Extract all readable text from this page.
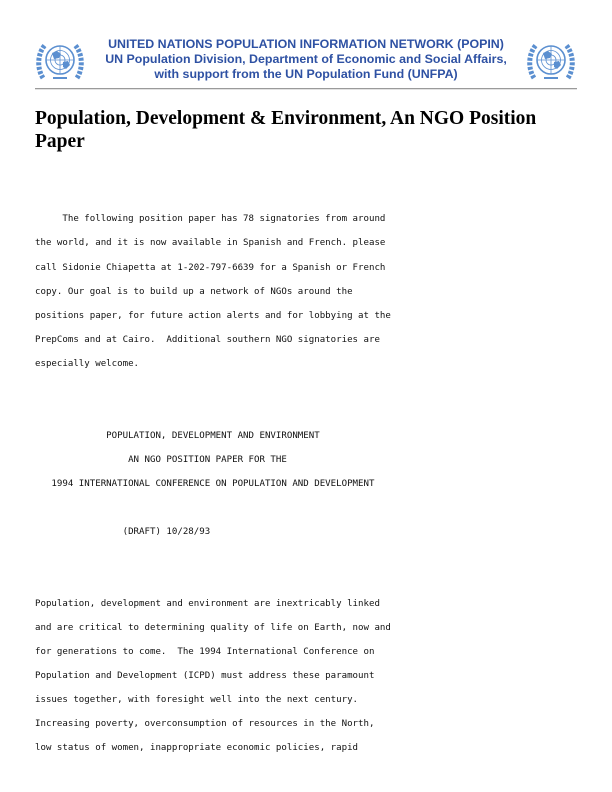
UNITED NATIONS POPULATION INFORMATION NETWORK (POPIN)
UN Population Division, Department of Economic and Social Affairs,
with support from the UN Population Fund (UNFPA)
Population, Development & Environment, An NGO Position Paper
The following position paper has 78 signatories from around
the world, and it is now available in Spanish and French. please
call Sidonie Chiapetta at 1-202-797-6639 for a Spanish or French
copy. Our goal is to build up a network of NGOs around the
positions paper, for future action alerts and for lobbying at the
PrepComs and at Cairo.  Additional southern NGO signatories are
especially welcome.
POPULATION, DEVELOPMENT AND ENVIRONMENT
AN NGO POSITION PAPER FOR THE
1994 INTERNATIONAL CONFERENCE ON POPULATION AND DEVELOPMENT
(DRAFT) 10/28/93
Population, development and environment are inextricably linked
and are critical to determining quality of life on Earth, now and
for generations to come.  The 1994 International Conference on
Population and Development (ICPD) must address these paramount
issues together, with foresight well into the next century.
Increasing poverty, overconsumption of resources in the North,
low status of women, inappropriate economic policies, rapid
